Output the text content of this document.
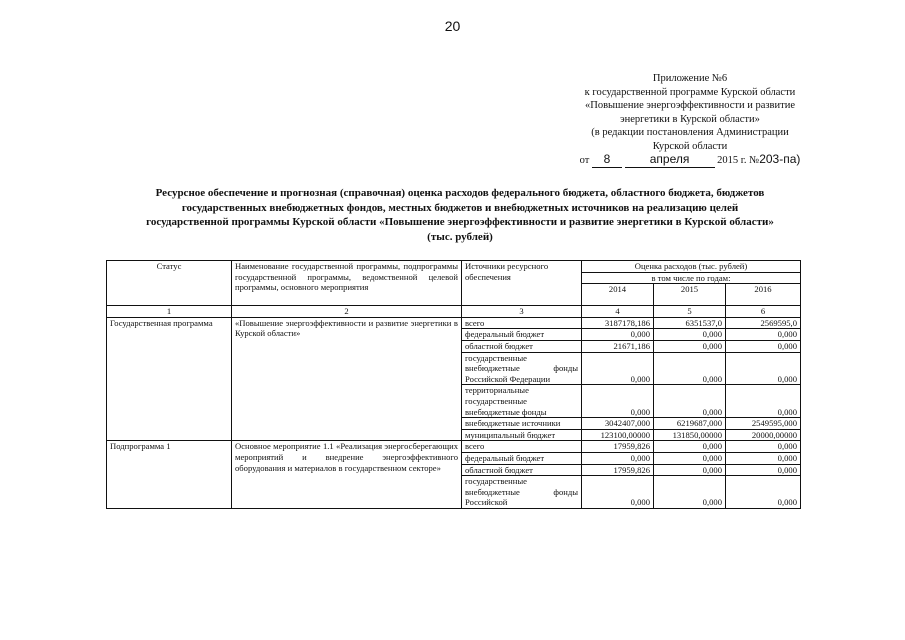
20
Приложение №6
к государственной программе Курской области
«Повышение энергоэффективности и развитие
энергетики в Курской области»
(в редакции постановления Администрации
Курской области
от 8	апреля	2015 г. №203-па)
Ресурсное обеспечение и прогнозная (справочная) оценка расходов федерального бюджета, областного бюджета, бюджетов
государственных внебюджетных фондов, местных бюджетов и внебюджетных источников на реализацию целей
государственной программы Курской области «Повышение энергоэффективности и развитие энергетики в Курской области»
(тыс. рублей)
Статус	Наименование государственной программы, подпрограммы государственной программы, ведомственной целевой программы, основного мероприятия	Источники ресурсного обеспечения	Оценка расходов (тыс. рублей)		
			в том числе по годам:		
			2014	2015	2016
1	2	3	4	5	6
Государственная программа	«Повышение энергоэффективности и развитие энергетики в Курской области»	всего	3187178,186	6351537,0	2569595,0
		федеральный бюджет	0,000	0,000	0,000
		областной бюджет	21671,186	0,000	0,000
		государственные внебюджетные фонды Российской Федерации	0,000	0,000	0,000
		территориальные государственные внебюджетные фонды	0,000	0,000	0,000
		внебюджетные источники	3042407,000	6219687,000	2549595,000
		муниципальный бюджет	123100,00000	131850,00000	20000,00000
Подпрограмма 1	Основное мероприятие 1.1 «Реализация энергосберегающих мероприятий и внедрение энергоэффективного оборудования и материалов в государственном секторе»	всего	17959,826	0,000	0,000
		федеральный бюджет	0,000	0,000	0,000
		областной бюджет	17959,826	0,000	0,000
		государственные внебюджетные фонды Российской	0,000	0,000	0,000
